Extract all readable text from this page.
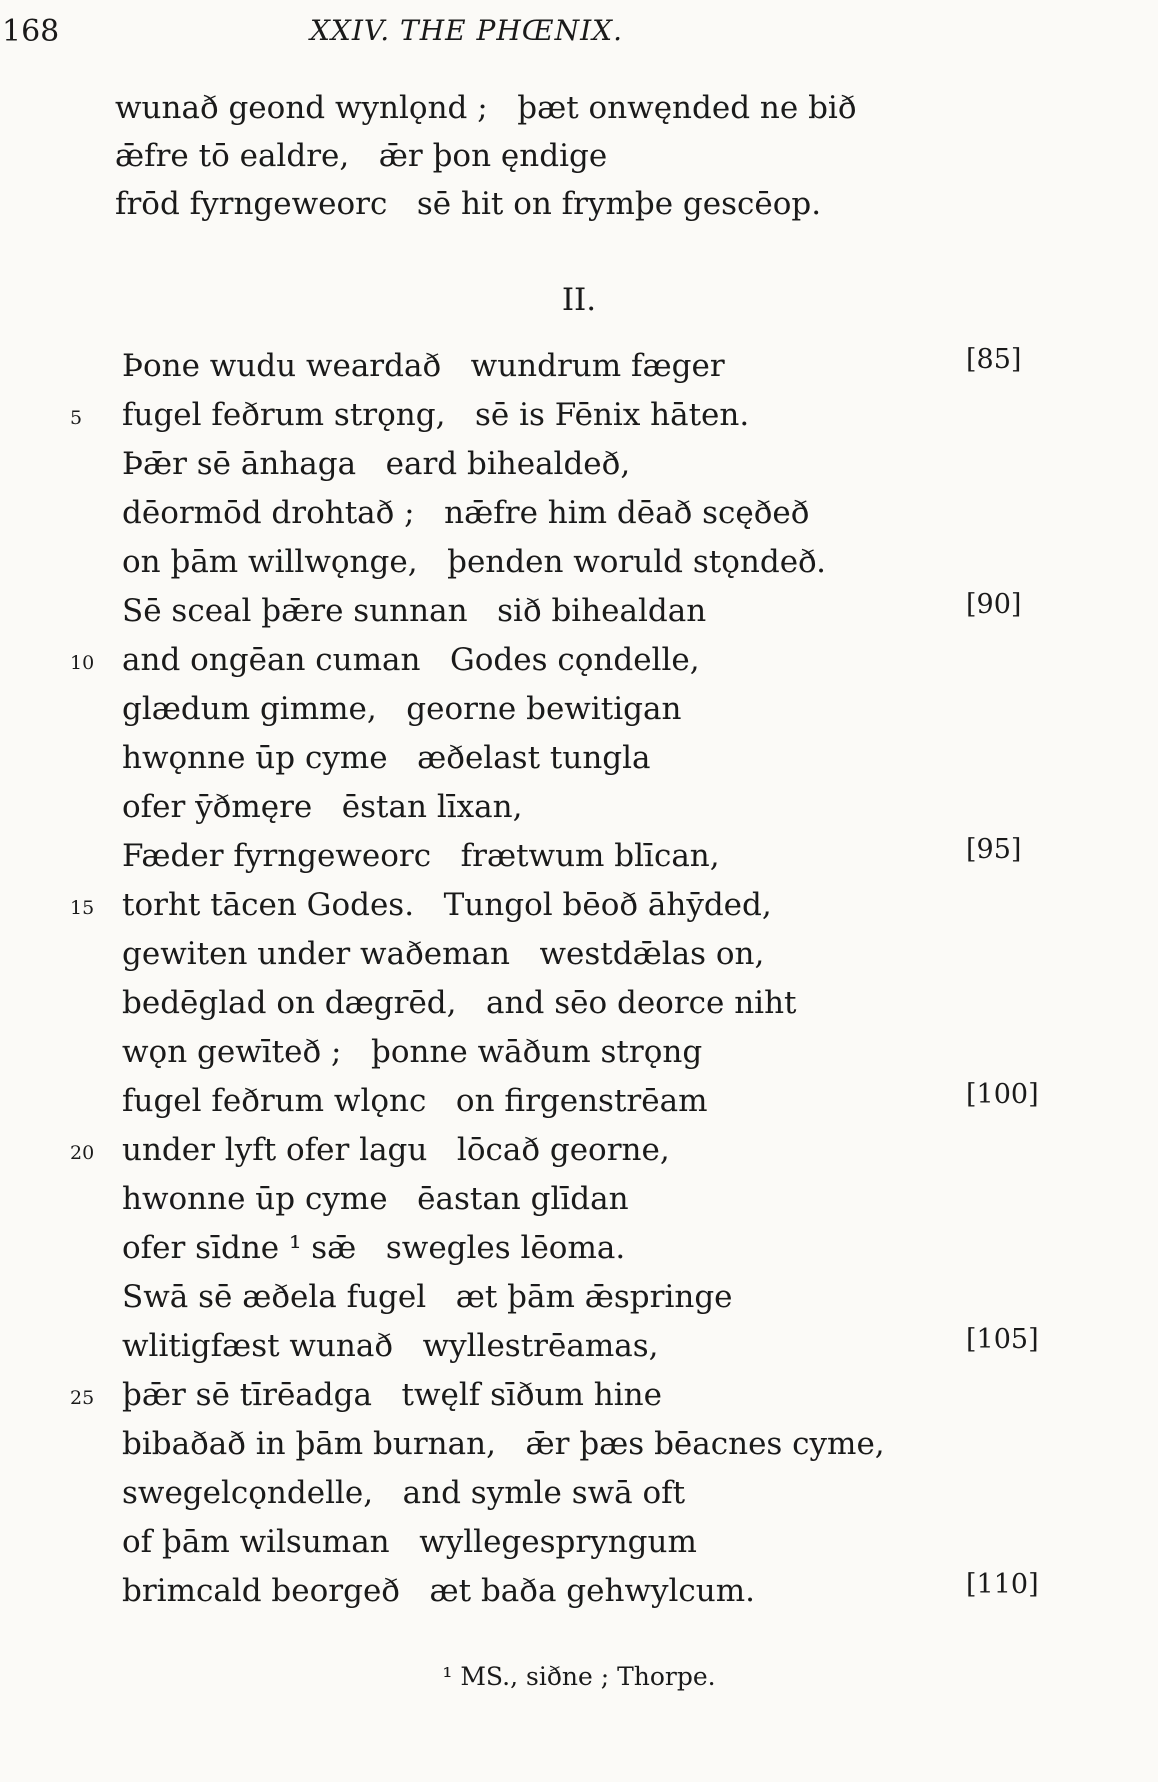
168	XXIV. THE PHŒNIX.
wunað geond wynlǫnd ;   þæt onwęnded ne bið
ǣfre tō ealdre,   ǣr þon ęndige
frōd fyrngeweorc   sē hit on frymþe gescēop.
II.
Þone wudu weardað   wundrum fæger	[85]
5 fugel feðrum strǫng,   sē is Fēnix hāten.
Þǣr sē ānhaga   eard bihealdeð,
dēormōd drohtað ;   nǣfre him dēað scęðeð
on þām willwǫnge,   þenden woruld stǫndeð.
Sē sceal þǣre sunnan   sið bihealdan	[90]
10 and ongēan cuman   Godes cǫndelle,
glædum gimme,   georne bewitigan
hwǫnne ūp cyme   æðelast tungla
ofer ȳðmęre   ēstan līxan,
Fæder fyrngeweorc   frætwum blīcan,	[95]
15 torht tācen Godes.   Tungol bēoð āhȳded,
gewiten under waðeman   westdǣlas on,
bedēglad on dægrēd,   and sēo deorce niht
wǫn gewīteð ;   þonne wāðum strǫng
fugel feðrum wlǫnc   on firgenstrēam	[100]
20 under lyft ofer lagu   lōcað georne,
hwonne ūp cyme   ēastan glīdan
ofer sīdne ¹ sǣ   swegles lēoma.
Swā sē æðela fugel   æt þām ǣspringe
wlitigfæst wunað   wyllestrēamas,	[105]
25 þǣr sē tīrēadga   twęlf sīðum hine
bibaðað in þām burnan,   ǣr þæs bēacnes cyme,
swegelcǫndelle,   and symle swā oft
of þām wilsuman   wyllegespryngum
brimcald beorgeð   æt baða gehwylcum.	[110]
¹ MS., siðne ; Thorpe.
